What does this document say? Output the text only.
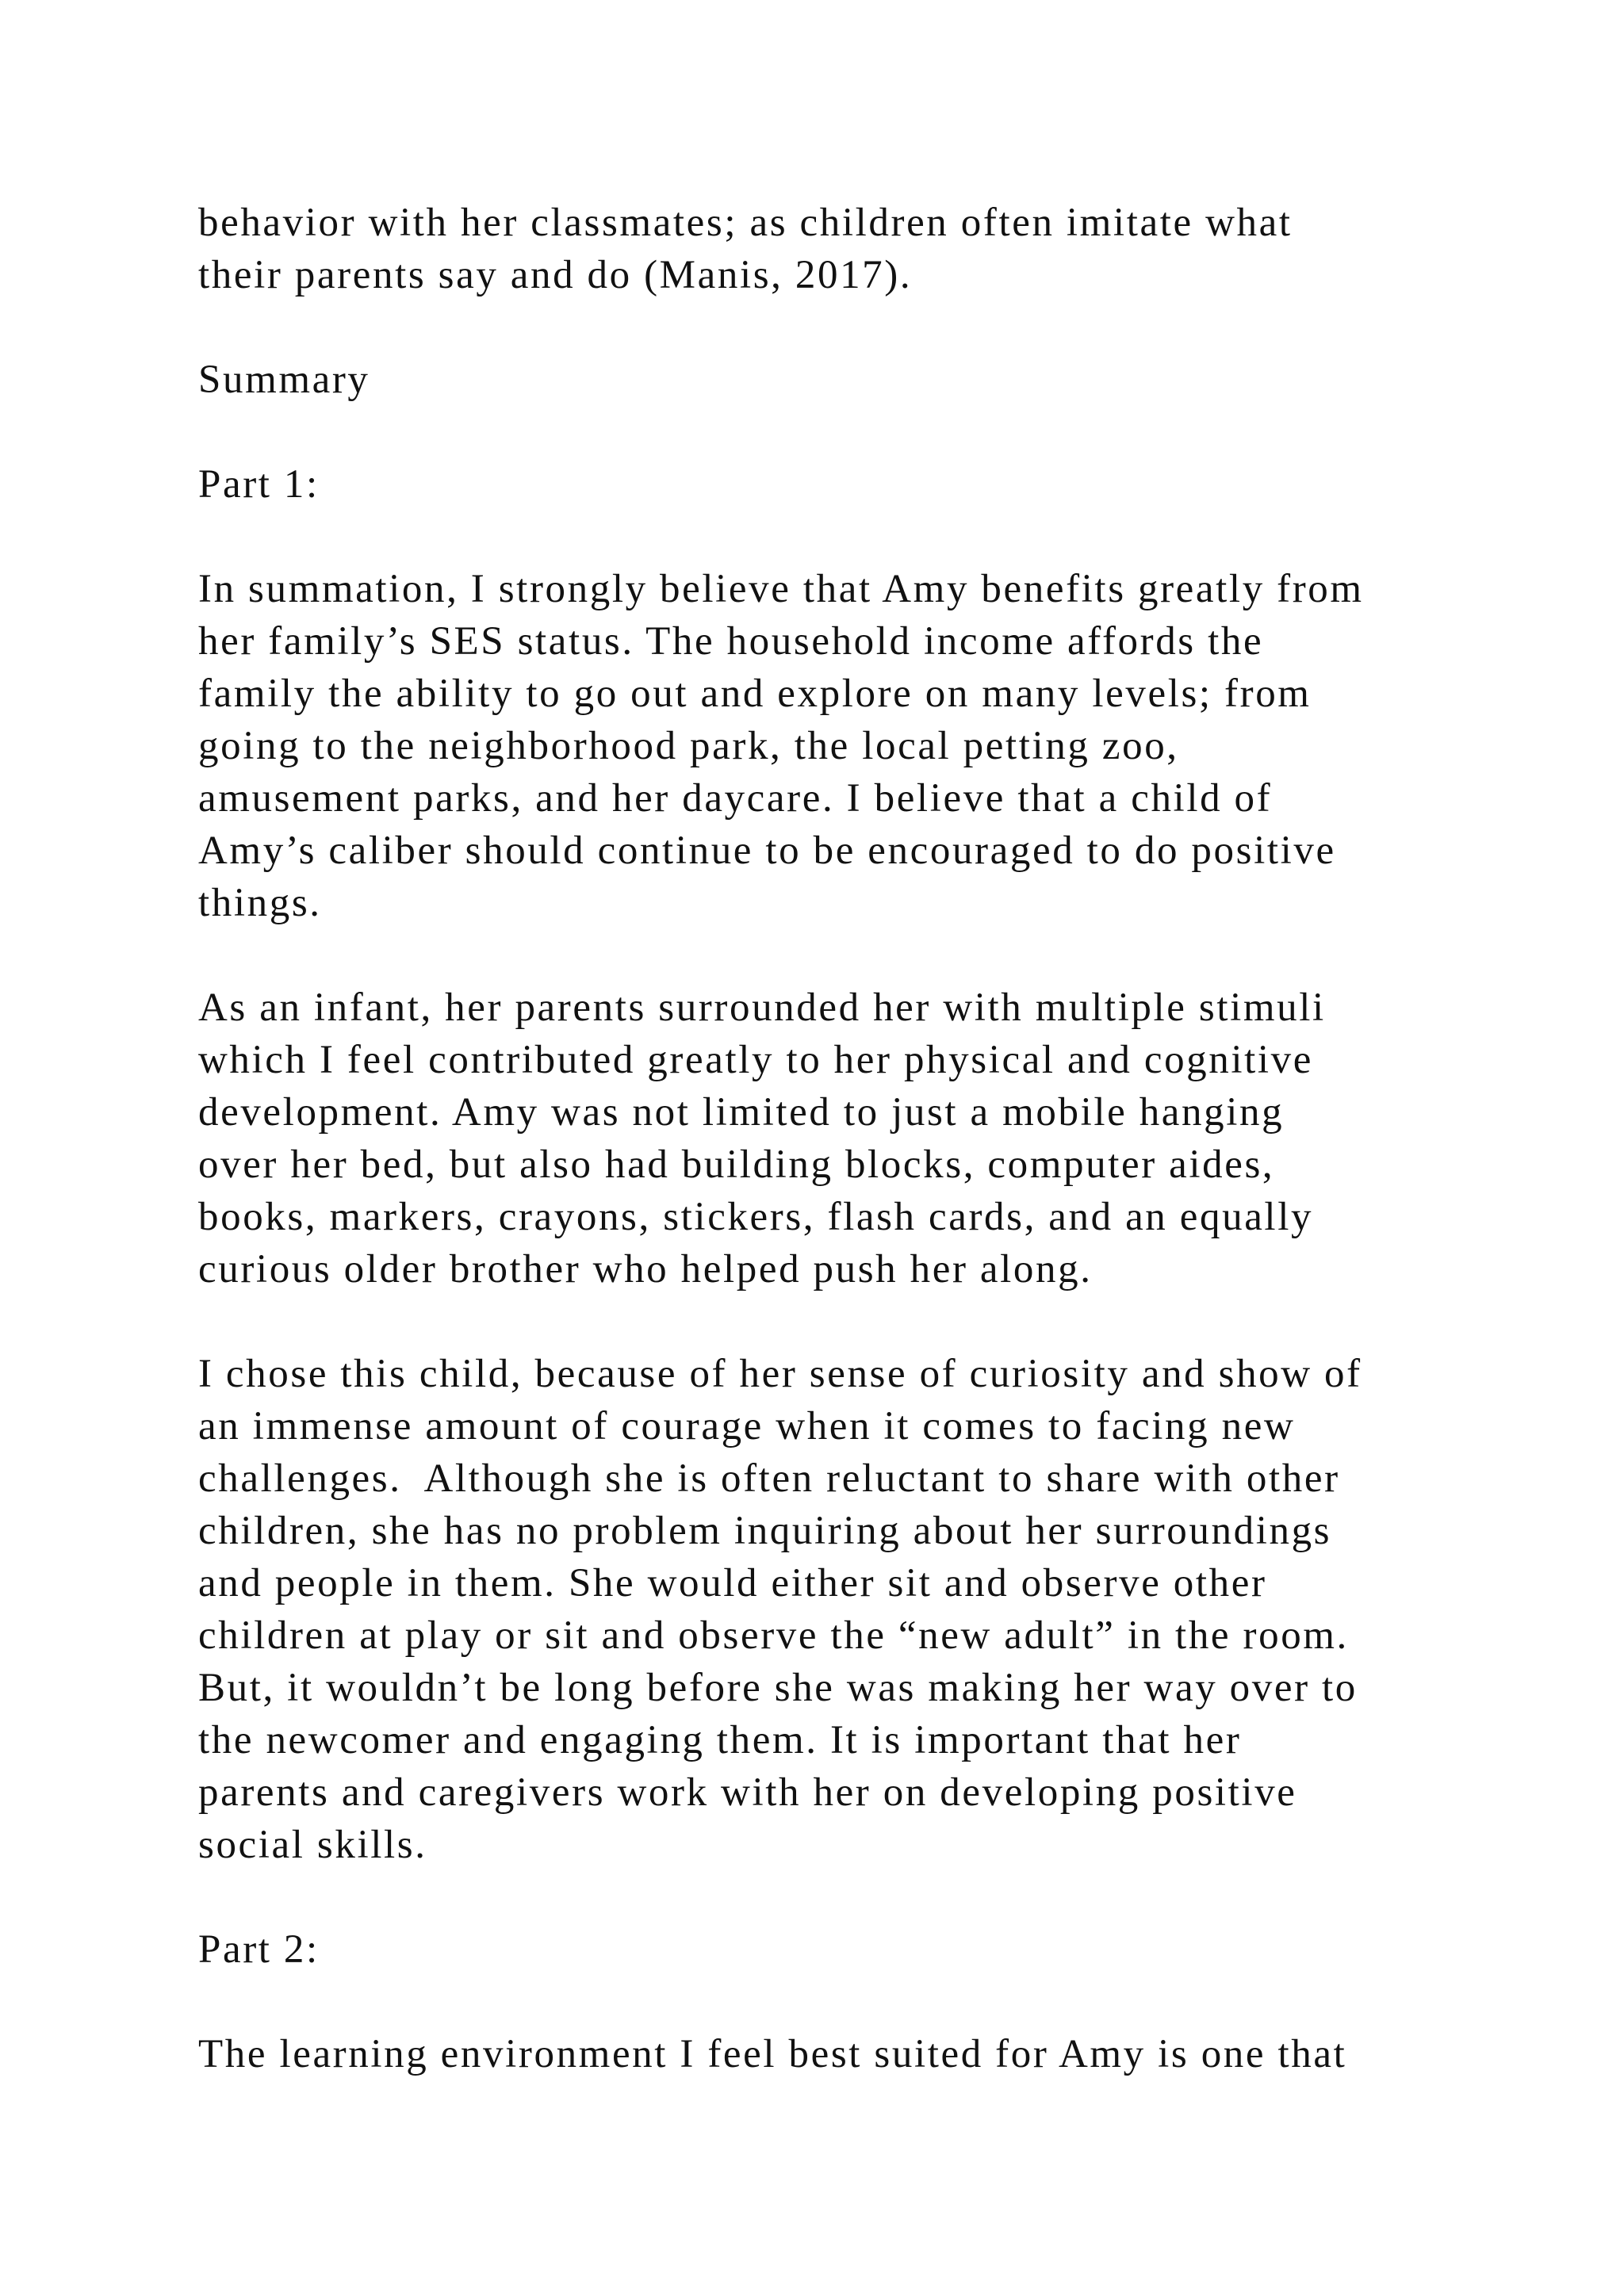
behavior with her classmates; as children often imitate what
their parents say and do (Manis, 2017).
Summary
Part 1:
In summation, I strongly believe that Amy benefits greatly from
her family’s SES status. The household income affords the
family the ability to go out and explore on many levels; from
going to the neighborhood park, the local petting zoo,
amusement parks, and her daycare. I believe that a child of
Amy’s caliber should continue to be encouraged to do positive
things.
As an infant, her parents surrounded her with multiple stimuli
which I feel contributed greatly to her physical and cognitive
development. Amy was not limited to just a mobile hanging
over her bed, but also had building blocks, computer aides,
books, markers, crayons, stickers, flash cards, and an equally
curious older brother who helped push her along.
I chose this child, because of her sense of curiosity and show of
an immense amount of courage when it comes to facing new
challenges.  Although she is often reluctant to share with other
children, she has no problem inquiring about her surroundings
and people in them. She would either sit and observe other
children at play or sit and observe the “new adult” in the room.
But, it wouldn’t be long before she was making her way over to
the newcomer and engaging them. It is important that her
parents and caregivers work with her on developing positive
social skills.
Part 2:
The learning environment I feel best suited for Amy is one that
